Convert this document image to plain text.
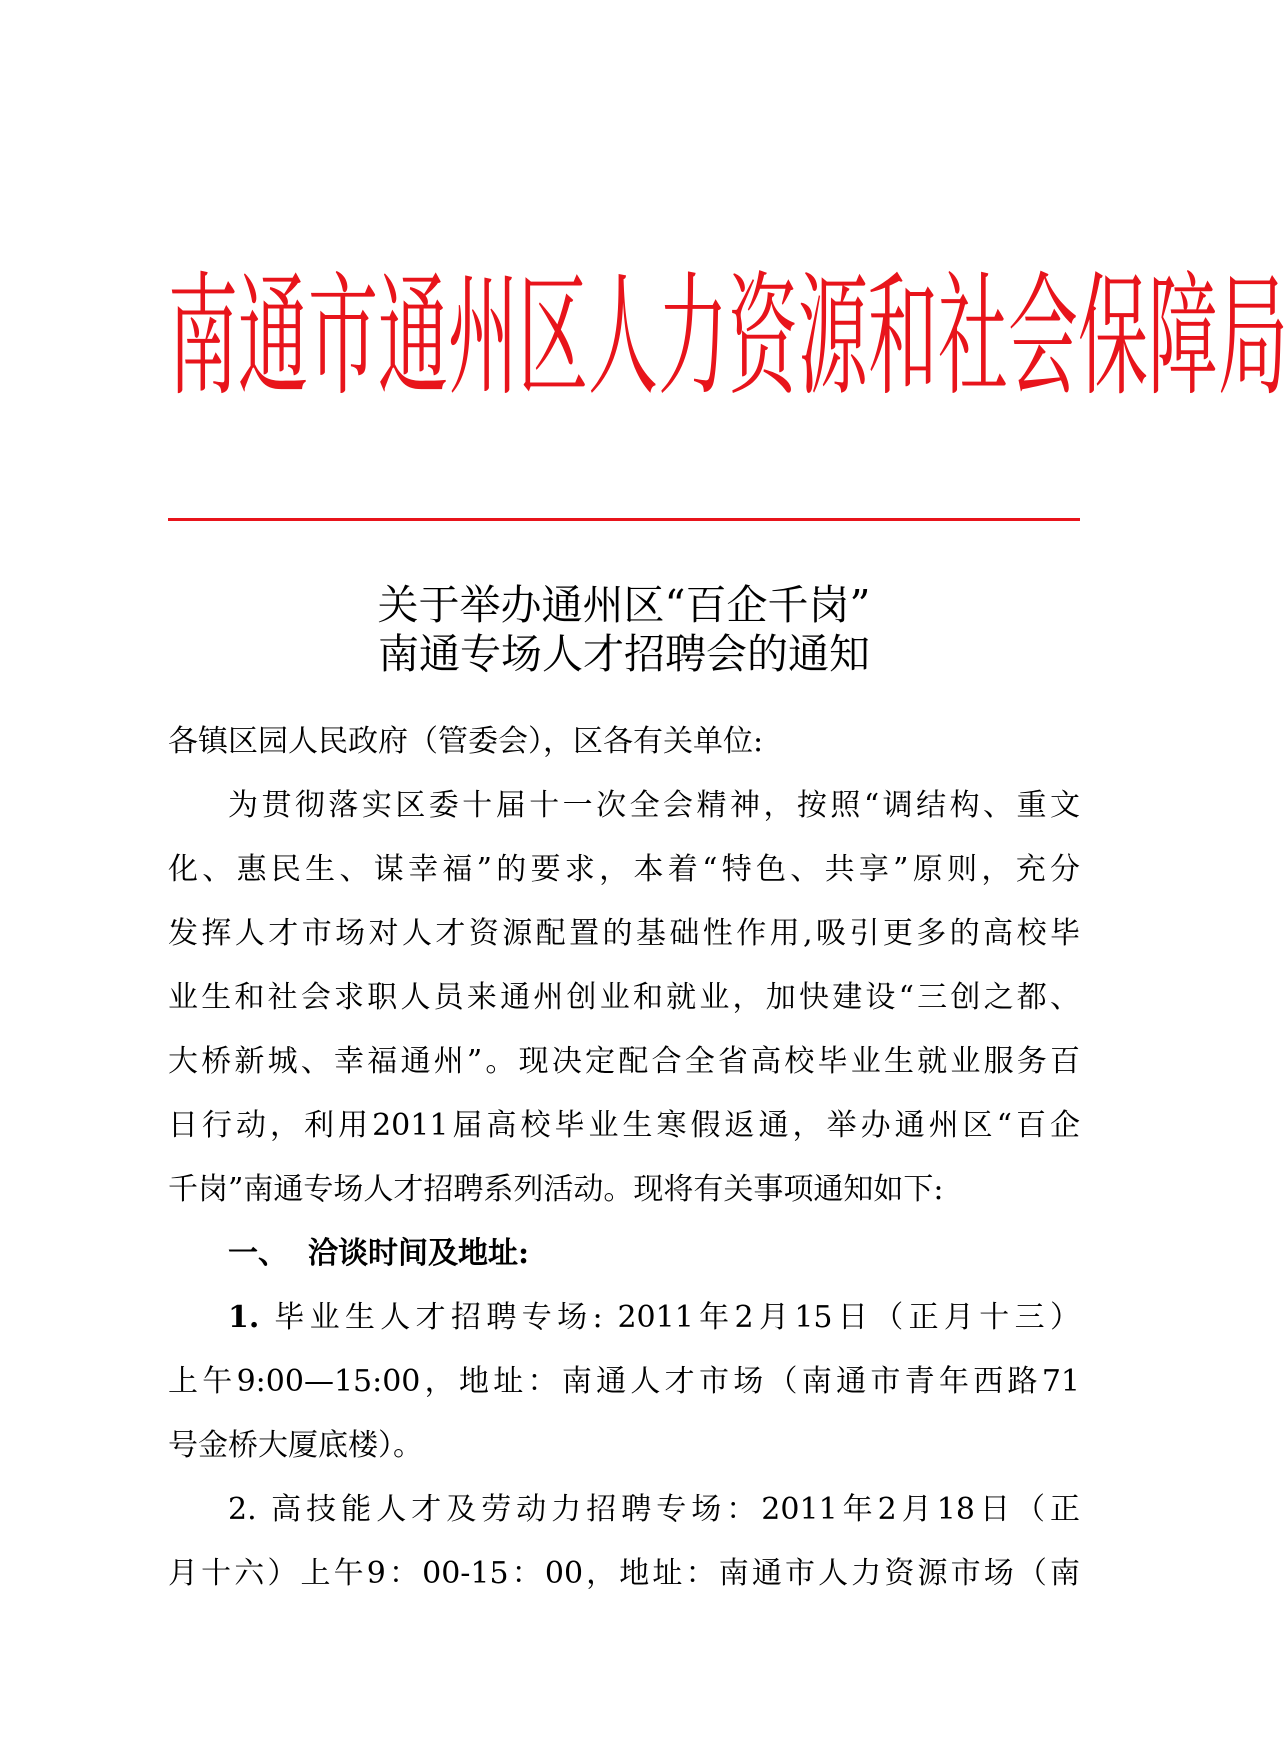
南 通 市 通 州 区 人 力 资 源 和 社 会 保 障 局
关于举办通州区“百企千岗”
南通专场人才招聘会的通知
各镇区园人民政府（管委会），区各有关单位:
为贯彻落实区委十届十一次全会精神，按照“调结构、重文
化、惠民生、谋幸福”的要求，本着“特色、共享”原则，充分
发挥人才市场对人才资源配置的基础性作用,吸引更多的高校毕
业生和社会求职人员来通州创业和就业，加快建设“三创之都、
大桥新城、幸福通州”。现决定配合全省高校毕业生就业服务百
日行动，利用2011届高校毕业生寒假返通，举办通州区“百企
千岗”南通专场人才招聘系列活动。现将有关事项通知如下:
一、 洽谈时间及地址:
1. 毕业生人才招聘专场: 2011年2月15日（正月十三）
上午9:00—15:00，地址：南通人才市场（南通市青年西路71
号金桥大厦底楼）。
2. 高技能人才及劳动力招聘专场：2011年2月18日（正
月十六）上午9：00-15：00，地址：南通市人力资源市场（南
